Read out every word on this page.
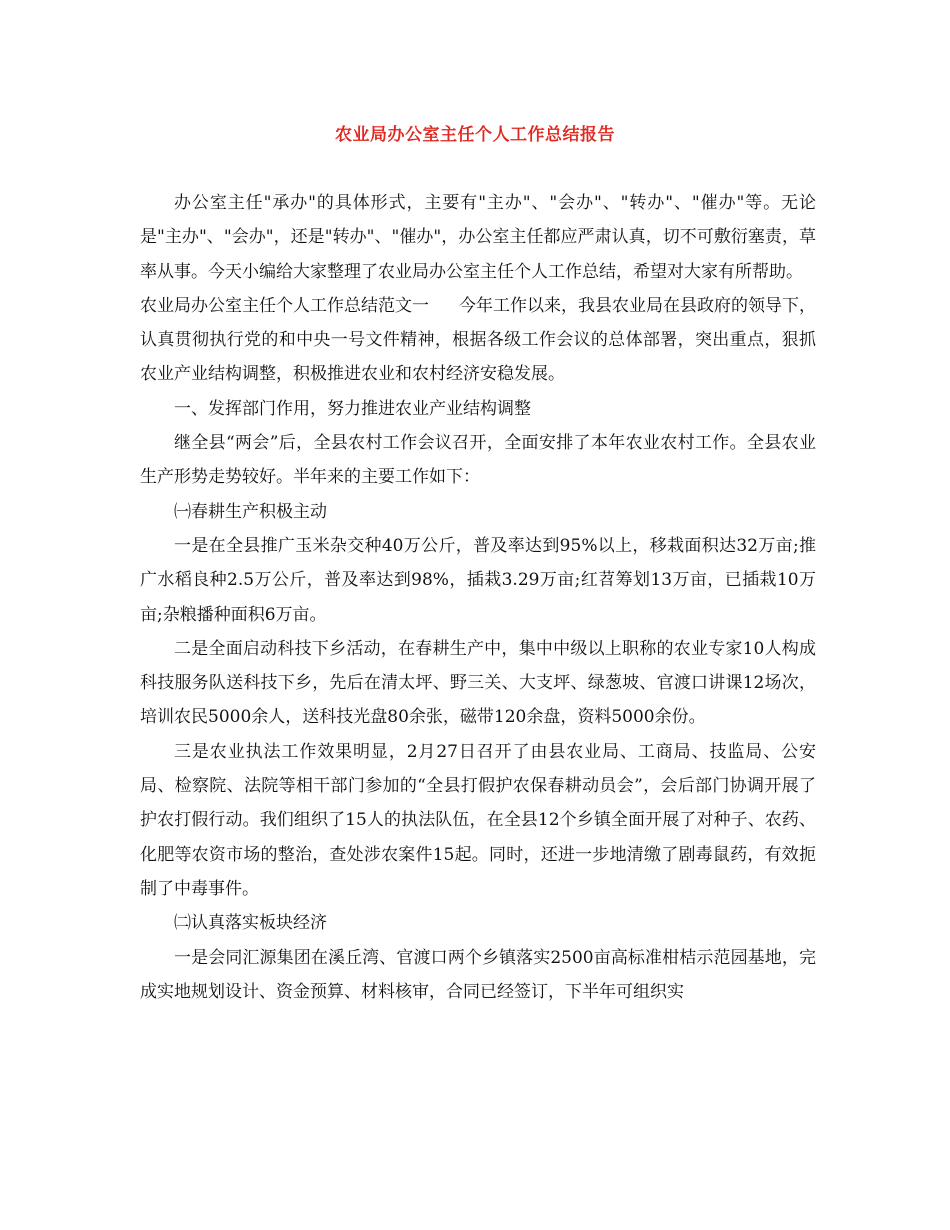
农业局办公室主任个人工作总结报告

办公室主任"承办"的具体形式，主要有"主办"、"会办"、"转办"、"催办"等。无论是"主办"、"会办"，还是"转办"、"催办"，办公室主任都应严肃认真，切不可敷衍塞责，草率从事。今天小编给大家整理了农业局办公室主任个人工作总结，希望对大家有所帮助。

农业局办公室主任个人工作总结范文一 今年工作以来，我县农业局在县政府的领导下，认真贯彻执行党的和中央一号文件精神，根据各级工作会议的总体部署，突出重点，狠抓农业产业结构调整，积极推进农业和农村经济安稳发展。

一、发挥部门作用，努力推进农业产业结构调整

继全县“两会”后，全县农村工作会议召开，全面安排了本年农业农村工作。全县农业生产形势走势较好。半年来的主要工作如下：

㈠春耕生产积极主动

一是在全县推广玉米杂交种40万公斤，普及率达到95%以上，移栽面积达32万亩;推广水稻良种2.5万公斤，普及率达到98%，插栽3.29万亩;红苕筹划13万亩，已插栽10万亩;杂粮播种面积6万亩。

二是全面启动科技下乡活动，在春耕生产中，集中中级以上职称的农业专家10人构成科技服务队送科技下乡，先后在清太坪、野三关、大支坪、绿葱坡、官渡口讲课12场次，培训农民5000余人，送科技光盘80余张，磁带120余盘，资料5000余份。

三是农业执法工作效果明显，2月27日召开了由县农业局、工商局、技监局、公安局、检察院、法院等相干部门参加的“全县打假护农保春耕动员会”，会后部门协调开展了护农打假行动。我们组织了15人的执法队伍，在全县12个乡镇全面开展了对种子、农药、化肥等农资市场的整治，查处涉农案件15起。同时，还进一步地清缴了剧毒鼠药，有效扼制了中毒事件。

㈡认真落实板块经济

一是会同汇源集团在溪丘湾、官渡口两个乡镇落实2500亩高标准柑桔示范园基地，完成实地规划设计、资金预算、材料核审，合同已经签订，下半年可组织实
